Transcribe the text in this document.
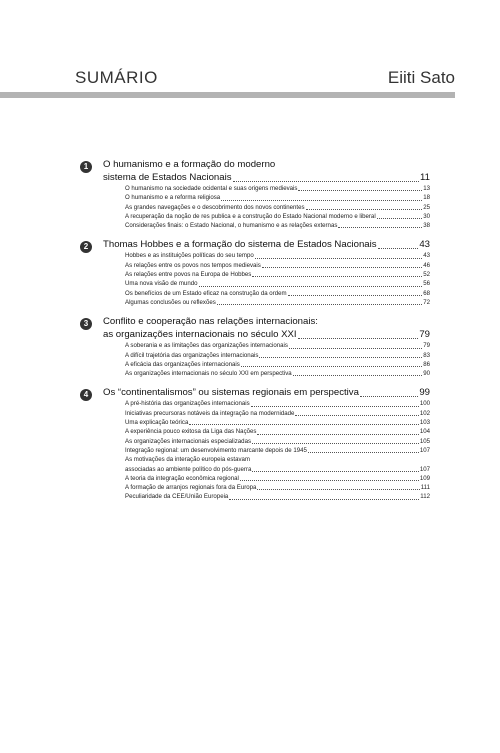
SUMÁRIO	Eiiti Sato
1	O humanismo e a formação do moderno
sistema de Estados Nacionais	11
O humanismo na sociedade ocidental e suas origens medievais	13
O humanismo e a reforma religiosa	18
As grandes navegações e o descobrimento dos novos continentes	25
A recuperação da noção de res publica e a construção do Estado Nacional moderno e liberal	30
Considerações finais: o Estado Nacional, o humanismo e as relações externas	38
2	Thomas Hobbes e a formação do sistema de Estados Nacionais	43
Hobbes e as instituições políticas do seu tempo	43
As relações entre os povos nos tempos medievais	46
As relações entre povos na Europa de Hobbes	52
Uma nova visão de mundo	56
Os benefícios de um Estado eficaz na construção da ordem	68
Algumas conclusões ou reflexões	72
3	Conflito e cooperação nas relações internacionais:
as organizações internacionais no século XXI	79
A soberania e as limitações das organizações internacionais	79
A difícil trajetória das organizações internacionais	83
A eficácia das organizações internacionais	86
As organizações internacionais no século XXI em perspectiva	90
4	Os “continentalismos” ou sistemas regionais em perspectiva	99
A pré-história das organizações internacionais	100
Iniciativas precursoras notáveis da integração na modernidade	102
Uma explicação teórica	103
A experiência pouco exitosa da Liga das Nações	104
As organizações internacionais especializadas	105
Integração regional: um desenvolvimento marcante depois de 1945	107
As motivações da interação europeia estavam
associadas ao ambiente político do pós-guerra	107
A teoria da integração econômica regional	109
A formação de arranjos regionais fora da Europa	111
Peculiaridade da CEE/União Europeia	112
